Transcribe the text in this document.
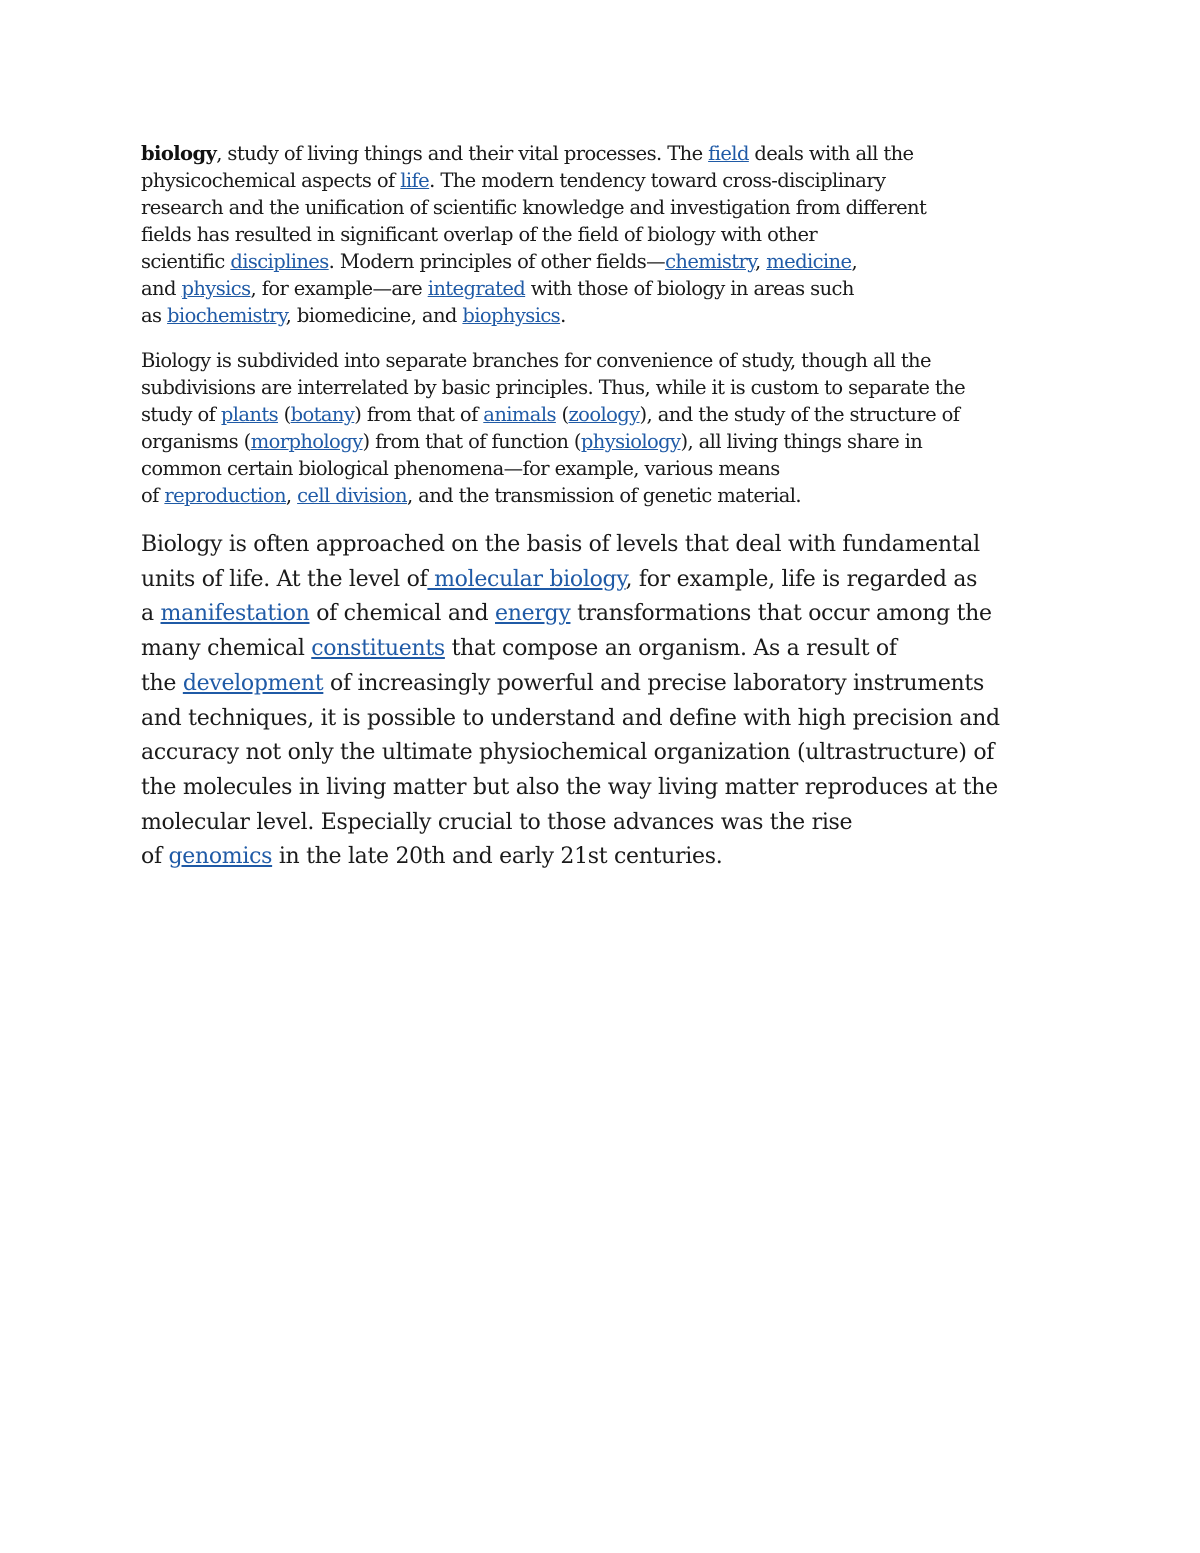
biology, study of living things and their vital processes. The field deals with all the
physicochemical aspects of life. The modern tendency toward cross-disciplinary
research and the unification of scientific knowledge and investigation from different
fields has resulted in significant overlap of the field of biology with other
scientific disciplines. Modern principles of other fields—chemistry, medicine,
and physics, for example—are integrated with those of biology in areas such
as biochemistry, biomedicine, and biophysics.

Biology is subdivided into separate branches for convenience of study, though all the
subdivisions are interrelated by basic principles. Thus, while it is custom to separate the
study of plants (botany) from that of animals (zoology), and the study of the structure of
organisms (morphology) from that of function (physiology), all living things share in
common certain biological phenomena—for example, various means
of reproduction, cell division, and the transmission of genetic material.

Biology is often approached on the basis of levels that deal with fundamental
units of life. At the level of molecular biology, for example, life is regarded as
a manifestation of chemical and energy transformations that occur among the
many chemical constituents that compose an organism. As a result of
the development of increasingly powerful and precise laboratory instruments
and techniques, it is possible to understand and define with high precision and
accuracy not only the ultimate physiochemical organization (ultrastructure) of
the molecules in living matter but also the way living matter reproduces at the
molecular level. Especially crucial to those advances was the rise
of genomics in the late 20th and early 21st centuries.
